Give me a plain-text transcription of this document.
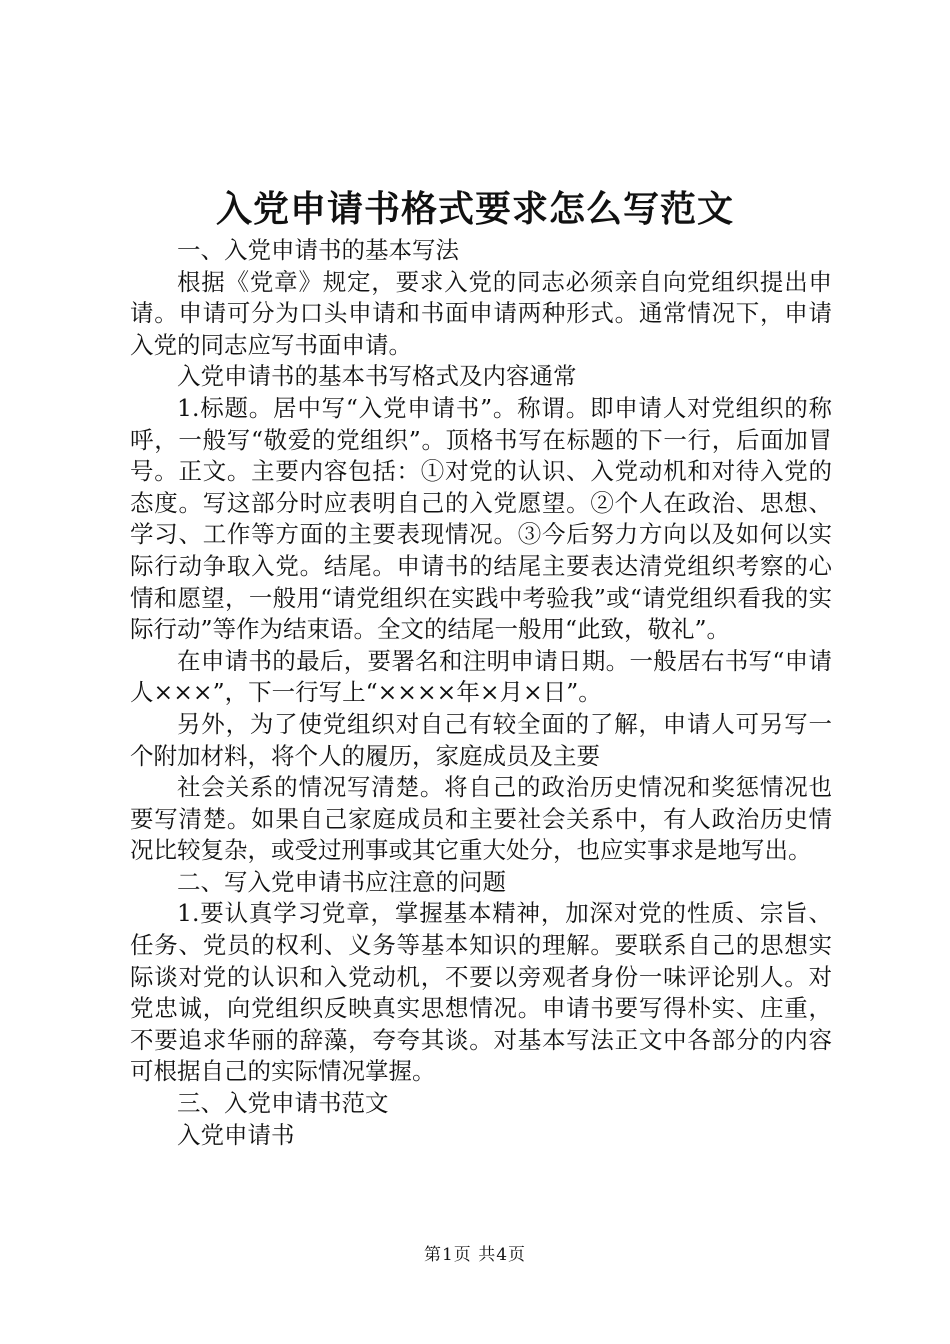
入党申请书格式要求怎么写范文

一、入党申请书的基本写法

根据《党章》规定，要求入党的同志必须亲自向党组织提出申请。申请可分为口头申请和书面申请两种形式。通常情况下，申请入党的同志应写书面申请。

入党申请书的基本书写格式及内容通常

1.标题。居中写“入党申请书”。称谓。即申请人对党组织的称呼，一般写“敬爱的党组织”。顶格书写在标题的下一行，后面加冒号。正文。主要内容包括：①对党的认识、入党动机和对待入党的态度。写这部分时应表明自己的入党愿望。②个人在政治、思想、学习、工作等方面的主要表现情况。③今后努力方向以及如何以实际行动争取入党。结尾。申请书的结尾主要表达清党组织考察的心情和愿望，一般用“请党组织在实践中考验我”或“请党组织看我的实际行动”等作为结束语。全文的结尾一般用“此致，敬礼”。

在申请书的最后，要署名和注明申请日期。一般居右书写“申请人×××”，下一行写上“××××年×月×日”。

另外，为了使党组织对自己有较全面的了解，申请人可另写一个附加材料，将个人的履历，家庭成员及主要

社会关系的情况写清楚。将自己的政治历史情况和奖惩情况也要写清楚。如果自己家庭成员和主要社会关系中，有人政治历史情况比较复杂，或受过刑事或其它重大处分，也应实事求是地写出。

二、写入党申请书应注意的问题

1.要认真学习党章，掌握基本精神，加深对党的性质、宗旨、任务、党员的权利、义务等基本知识的理解。要联系自己的思想实际谈对党的认识和入党动机，不要以旁观者身份一味评论别人。对党忠诚，向党组织反映真实思想情况。申请书要写得朴实、庄重，不要追求华丽的辞藻，夸夸其谈。对基本写法正文中各部分的内容可根据自己的实际情况掌握。

三、入党申请书范文

入党申请书

第1页 共4页
